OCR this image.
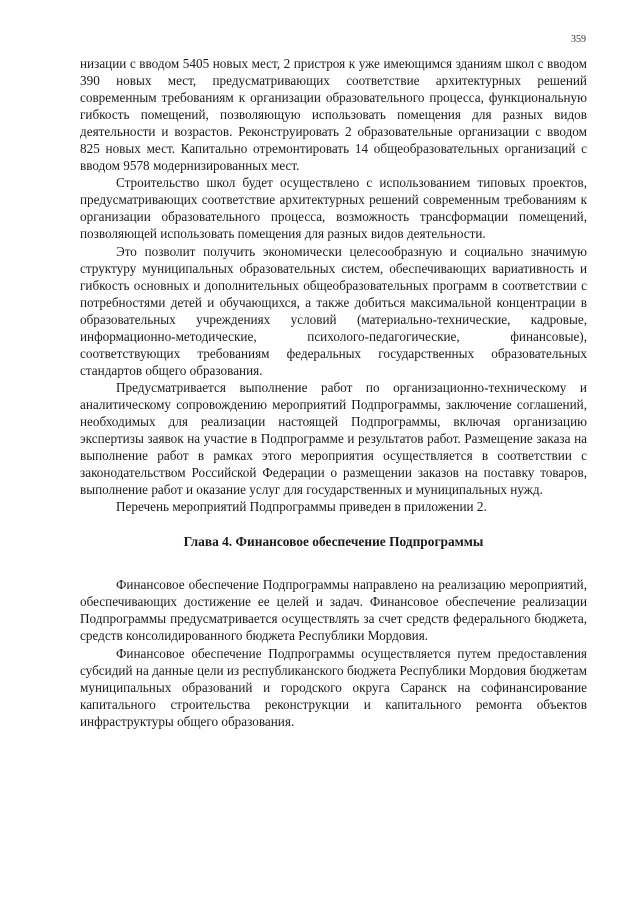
359

низации с вводом 5405 новых мест, 2 пристроя к уже имеющимся зданиям школ с вводом 390 новых мест, предусматривающих соответствие архитектурных решений современным требованиям к организации образовательного процесса, функциональную гибкость помещений, позволяющую использовать помещения для разных видов деятельности и возрастов. Реконструировать 2 образовательные организации с вводом 825 новых мест. Капитально отремонтировать 14 общеобразовательных организаций с вводом 9578 модернизированных мест.

Строительство школ будет осуществлено с использованием типовых проектов, предусматривающих соответствие архитектурных решений современным требованиям к организации образовательного процесса, возможность трансформации помещений, позволяющей использовать помещения для разных видов деятельности.

Это позволит получить экономически целесообразную и социально значимую структуру муниципальных образовательных систем, обеспечивающих вариативность и гибкость основных и дополнительных общеобразовательных программ в соответствии с потребностями детей и обучающихся, а также добиться максимальной концентрации в образовательных учреждениях условий (материально-технические, кадровые, информационно-методические, психолого-педагогические, финансовые), соответствующих требованиям федеральных государственных образовательных стандартов общего образования.

Предусматривается выполнение работ по организационно-техническому и аналитическому сопровождению мероприятий Подпрограммы, заключение соглашений, необходимых для реализации настоящей Подпрограммы, включая организацию экспертизы заявок на участие в Подпрограмме и результатов работ. Размещение заказа на выполнение работ в рамках этого мероприятия осуществляется в соответствии с законодательством Российской Федерации о размещении заказов на поставку товаров, выполнение работ и оказание услуг для государственных и муниципальных нужд.

Перечень мероприятий Подпрограммы приведен в приложении 2.

Глава 4. Финансовое обеспечение Подпрограммы

Финансовое обеспечение Подпрограммы направлено на реализацию мероприятий, обеспечивающих достижение ее целей и задач. Финансовое обеспечение реализации Подпрограммы предусматривается осуществлять за счет средств федерального бюджета, средств консолидированного бюджета Республики Мордовия.

Финансовое обеспечение Подпрограммы осуществляется путем предоставления субсидий на данные цели из республиканского бюджета Республики Мордовия бюджетам муниципальных образований и городского округа Саранск на софинансирование капитального строительства реконструкции и капитального ремонта объектов инфраструктуры общего образования.
